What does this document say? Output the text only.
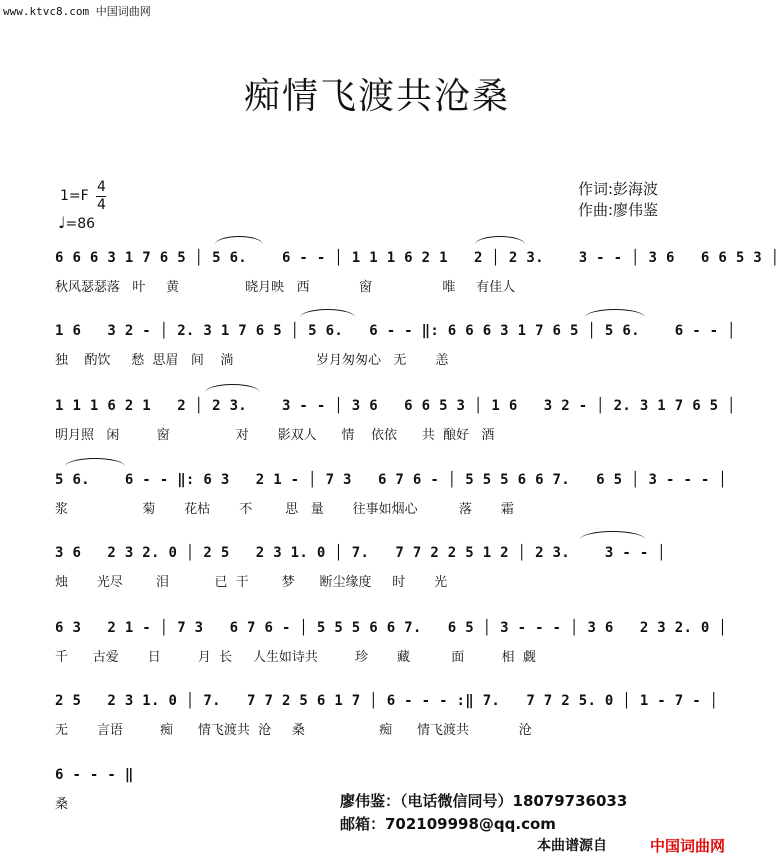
www.ktvc8.com 中国词曲网
痴情飞渡共沧桑
1=F
4
4
♩=86
作词:彭海波
作曲:廖伟鉴
6 6 6 3 1 7 6 5 │ 5 6.    6 - - │ 1 1 1 6 2 1   2 │ 2 3.    3 - - │ 3 6   6 6 5 3 │
秋风瑟瑟落   叶     黄                晓月映   西            窗                 唯     有佳人
1 6   3 2 - │ 2. 3 1 7 6 5 │ 5 6.   6 - - ‖: 6 6 6 3 1 7 6 5 │ 5 6.    6 - - │
独    酌饮     愁  思眉   间    淌                    岁月匆匆心   无       恙
1 1 1 6 2 1   2 │ 2 3.    3 - - │ 3 6   6 6 5 3 │ 1 6   3 2 - │ 2. 3 1 7 6 5 │
明月照   闲         窗                对       影双人      情    依依      共  酿好   酒
5 6.    6 - - ‖: 6 3   2 1 - │ 7 3   6 7 6 - │ 5 5 5 6 6 7.   6 5 │ 3 - - - │
浆                  菊       花枯       不        思   量       往事如烟心          落       霜
3 6   2 3 2. 0 │ 2 5   2 3 1. 0 │ 7.   7 7 2 2 5 1 2 │ 2 3.    3 - - │
烛       光尽        泪           已  干        梦      断尘缘度     时       光
6 3   2 1 - │ 7 3   6 7 6 - │ 5 5 5 6 6 7.   6 5 │ 3 - - - │ 3 6   2 3 2. 0 │
千      古爱       日         月  长     人生如诗共         珍       藏          面         相  觑
2 5   2 3 1. 0 │ 7.   7 7 2 5 6 1 7 │ 6 - - - :‖ 7.   7 7 2 5. 0 │ 1 - 7 - │
无       言语         痴      情飞渡共  沧     桑                  痴      情飞渡共            沧
6 - - - ‖
桑	廖伟鉴：（电话微信同号）18079736033
邮箱：702109998@qq.com
本曲谱源自	中国词曲网
